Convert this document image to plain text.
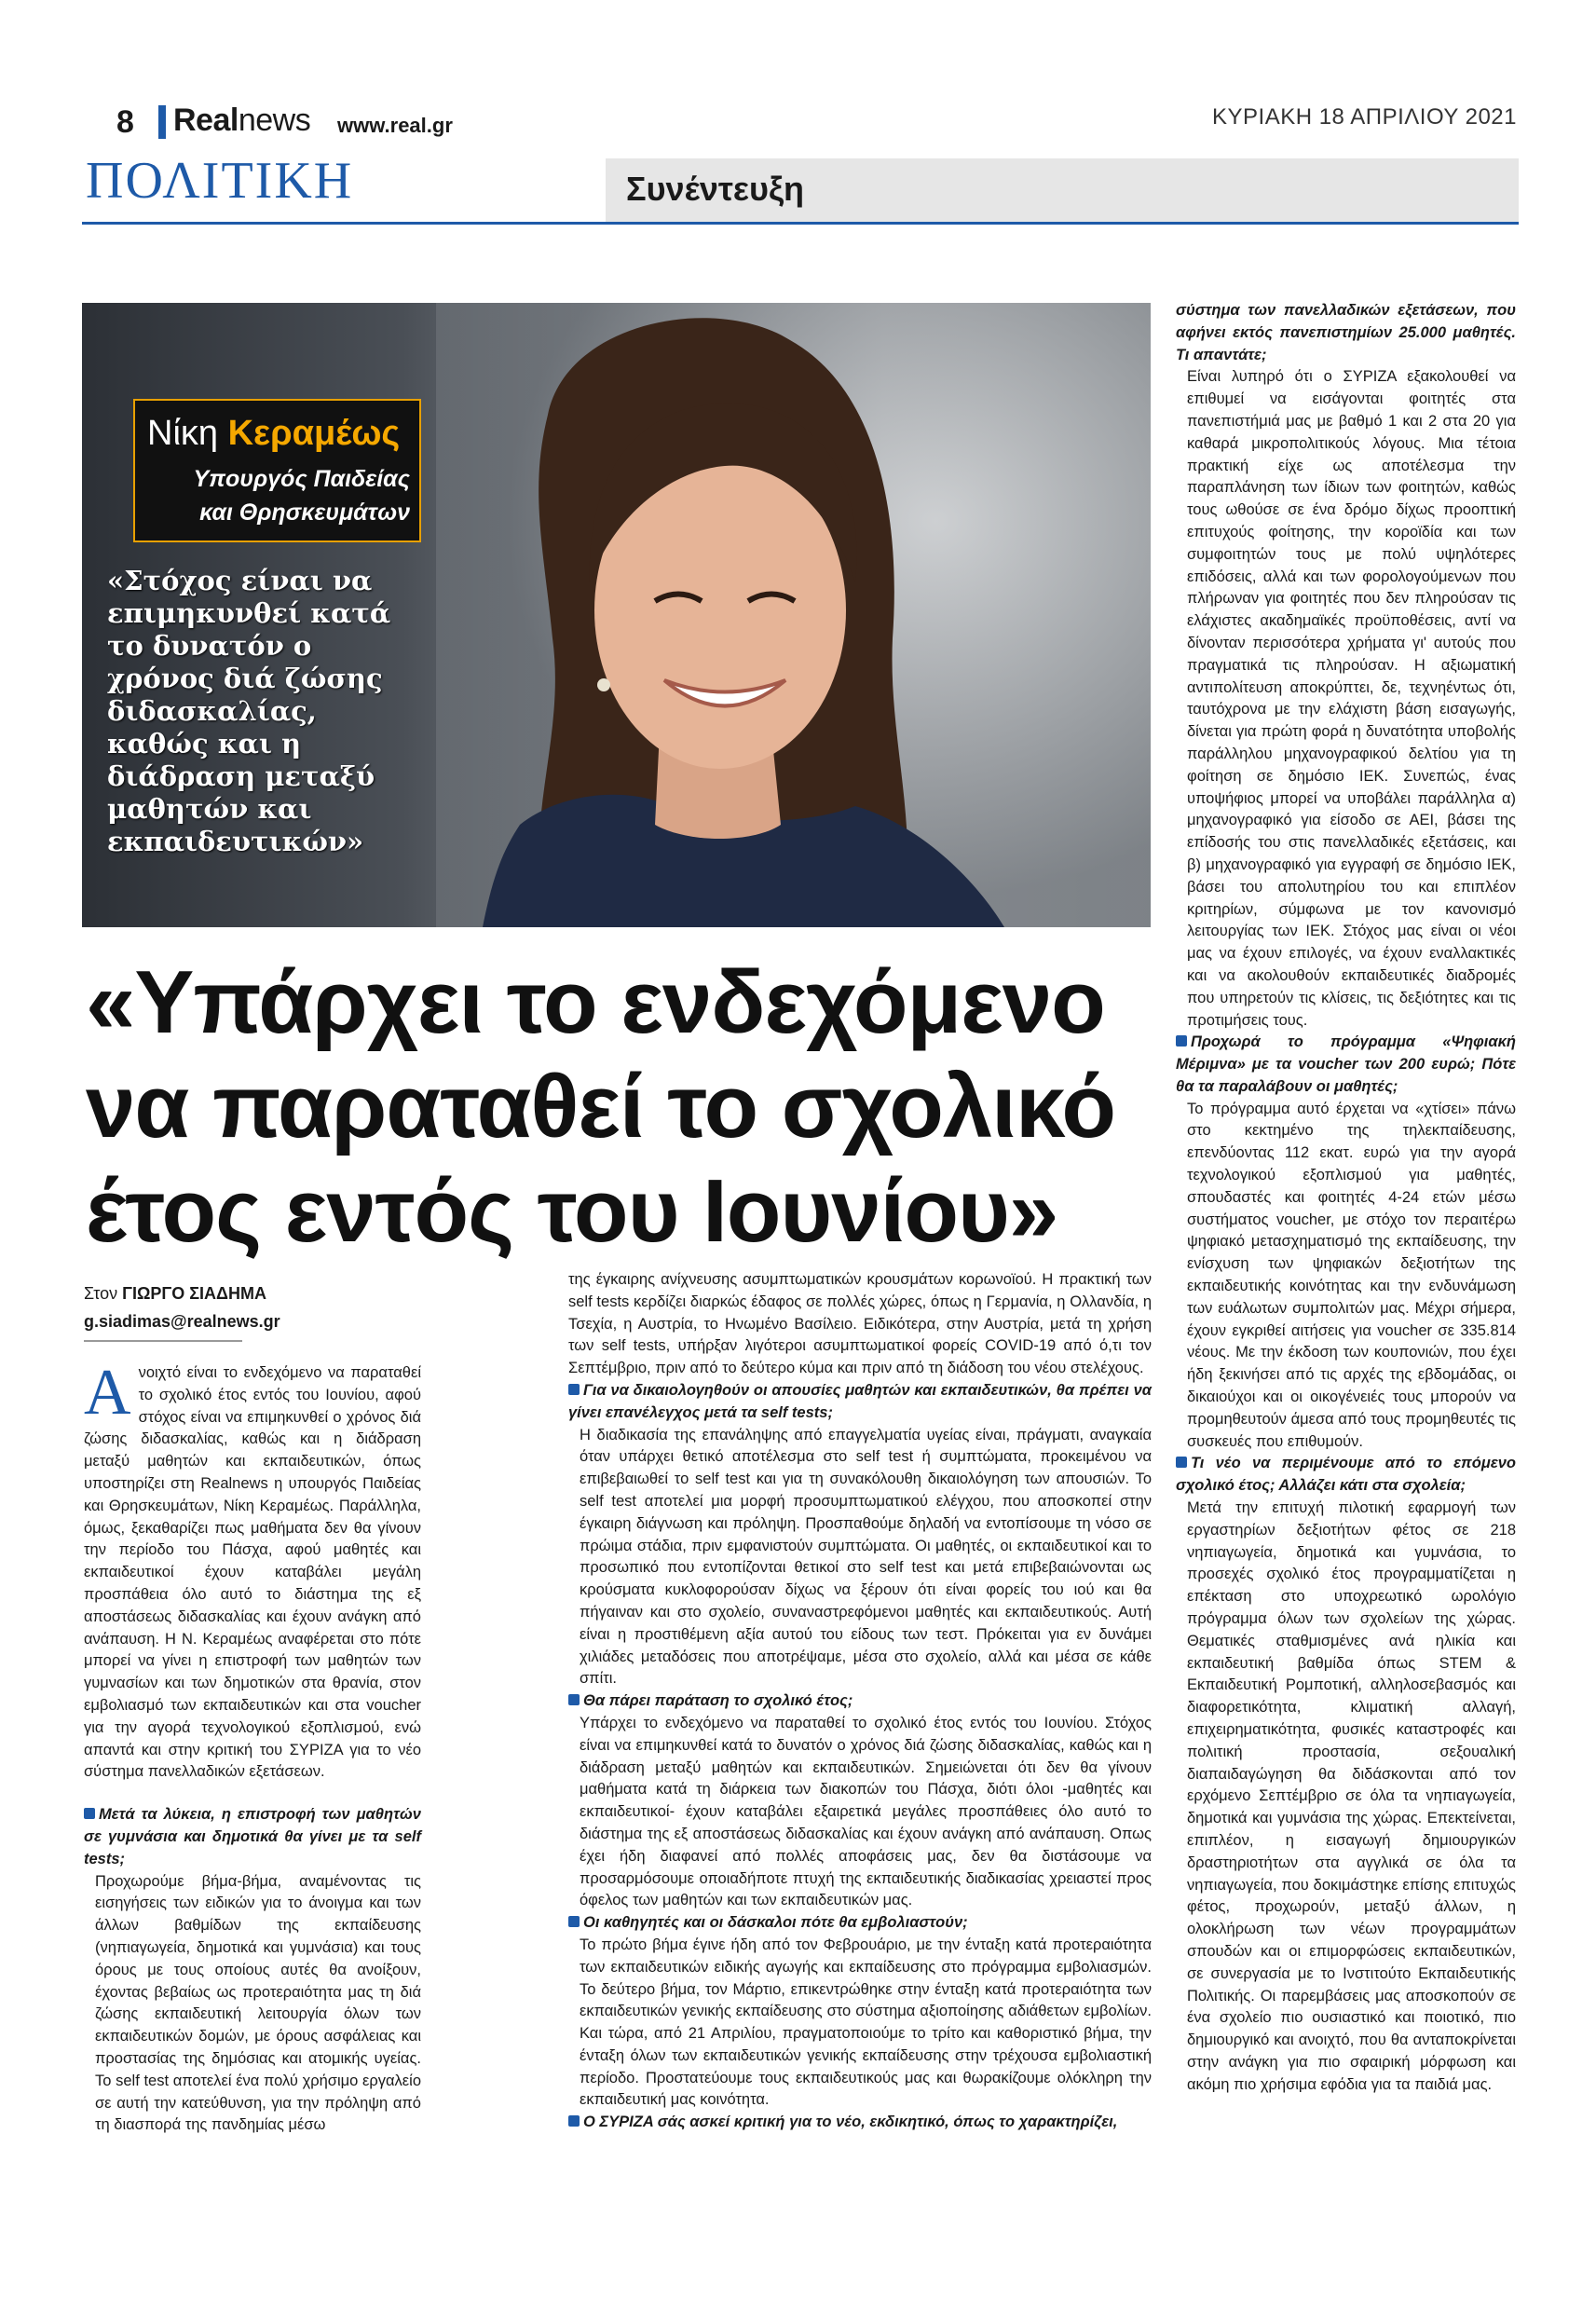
8 Realnews www.real.gr	ΚΥΡΙΑΚΗ 18 ΑΠΡΙΛΙΟΥ 2021
ΠΟΛΙΤΙΚΗ	Συνέντευξη
Νίκη Κεραμέως
Υπουργός Παιδείας
και Θρησκευμάτων
«Στόχος είναι να επιμηκυνθεί κατά το δυνατόν ο χρόνος διά ζώσης διδασκαλίας, καθώς και η διάδραση μεταξύ μαθητών και εκπαιδευτικών»
«Υπάρχει το ενδεχόμενο
να παραταθεί το σχολικό
έτος εντός του Ιουνίου»
Στον ΓΙΩΡΓΟ ΣΙΑΔΗΜΑ
g.siadimas@realnews.gr

Ανοιχτό είναι το ενδεχόμενο να παραταθεί το σχολικό έτος εντός του Ιουνίου, αφού στόχος είναι να επιμηκυνθεί ο χρόνος διά ζώσης διδασκαλίας, καθώς και η διάδραση μεταξύ μαθητών και εκπαιδευτικών, όπως υποστηρίζει στη Realnews η υπουργός Παιδείας και Θρησκευμάτων, Νίκη Κεραμέως. Παράλληλα, όμως, ξεκαθαρίζει πως μαθήματα δεν θα γίνουν την περίοδο του Πάσχα, αφού μαθητές και εκπαιδευτικοί έχουν καταβάλει μεγάλη προσπάθεια όλο αυτό το διάστημα της εξ αποστάσεως διδασκαλίας και έχουν ανάγκη από ανάπαυση. Η Ν. Κεραμέως αναφέρεται στο πότε μπορεί να γίνει η επιστροφή των μαθητών των γυμνασίων και των δημοτικών στα θρανία, στον εμβολιασμό των εκπαιδευτικών και στα voucher για την αγορά τεχνολογικού εξοπλισμού, ενώ απαντά και στην κριτική του ΣΥΡΙΖΑ για το νέο σύστημα πανελλαδικών εξετάσεων.

Μετά τα λύκεια, η επιστροφή των μαθητών σε γυμνάσια και δημοτικά θα γίνει με τα self tests;

Προχωρούμε βήμα-βήμα, αναμένοντας τις εισηγήσεις των ειδικών για το άνοιγμα και των άλλων βαθμίδων της εκπαίδευσης (νηπιαγωγεία, δημοτικά και γυμνάσια) και τους όρους με τους οποίους αυτές θα ανοίξουν, έχοντας βεβαίως ως προτεραιότητα μας τη διά ζώσης εκπαιδευτική λειτουργία όλων των εκπαιδευτικών δομών, με όρους ασφάλειας και προστασίας της δημόσιας και ατομικής υγείας. Το self test αποτελεί ένα πολύ χρήσιμο εργαλείο σε αυτή την κατεύθυνση, για την πρόληψη από τη διασπορά της πανδημίας μέσω

της έγκαιρης ανίχνευσης ασυμπτωματικών κρουσμάτων κορωνοϊού. Η πρακτική των self tests κερδίζει διαρκώς έδαφος σε πολλές χώρες, όπως η Γερμανία, η Ολλανδία, η Τσεχία, η Αυστρία, το Ηνωμένο Βασίλειο. Ειδικότερα, στην Αυστρία, μετά τη χρήση των self tests, υπήρξαν λιγότεροι ασυμπτωματικοί φορείς COVID-19 από ό,τι τον Σεπτέμβριο, πριν από το δεύτερο κύμα και πριν από τη διάδοση του νέου στελέχους.

Για να δικαιολογηθούν οι απουσίες μαθητών και εκπαιδευτικών, θα πρέπει να γίνει επανέλεγχος μετά τα self tests;

Η διαδικασία της επανάληψης από επαγγελματία υγείας είναι, πράγματι, αναγκαία όταν υπάρχει θετικό αποτέλεσμα στο self test ή συμπτώματα, προκειμένου να επιβεβαιωθεί το self test και για τη συνακόλουθη δικαιολόγηση των απουσιών. Το self test αποτελεί μια μορφή προσυμπτωματικού ελέγχου, που αποσκοπεί στην έγκαιρη διάγνωση και πρόληψη. Προσπαθούμε δηλαδή να εντοπίσουμε τη νόσο σε πρώιμα στάδια, πριν εμφανιστούν συμπτώματα. Οι μαθητές, οι εκπαιδευτικοί και το προσωπικό που εντοπίζονται θετικοί στο self test και μετά επιβεβαιώνονται ως κρούσματα κυκλοφορούσαν δίχως να ξέρουν ότι είναι φορείς του ιού και θα πήγαιναν και στο σχολείο, συναναστρεφόμενοι μαθητές και εκπαιδευτικούς. Αυτή είναι η προστιθέμενη αξία αυτού του είδους των τεστ. Πρόκειται για εν δυνάμει χιλιάδες μεταδόσεις που αποτρέψαμε, μέσα στο σχολείο, αλλά και μέσα σε κάθε σπίτι.

Θα πάρει παράταση το σχολικό έτος;

Υπάρχει το ενδεχόμενο να παραταθεί το σχολικό έτος εντός του Ιουνίου. Στόχος είναι να επιμηκυνθεί κατά το δυνατόν ο χρόνος διά ζώσης διδασκαλίας, καθώς και η διάδραση μεταξύ μαθητών και εκπαιδευτικών. Σημειώνεται ότι δεν θα γίνουν μαθήματα κατά τη διάρκεια των διακοπών του Πάσχα, διότι όλοι -μαθητές και εκπαιδευτικοί- έχουν καταβάλει εξαιρετικά μεγάλες προσπάθειες όλο αυτό το διάστημα της εξ αποστάσεως διδασκαλίας και έχουν ανάγκη από ανάπαυση. Οπως έχει ήδη διαφανεί από πολλές αποφάσεις μας, δεν θα διστάσουμε να προσαρμόσουμε οποιαδήποτε πτυχή της εκπαιδευτικής διαδικασίας χρειαστεί προς όφελος των μαθητών και των εκπαιδευτικών μας.

Οι καθηγητές και οι δάσκαλοι πότε θα εμβολιαστούν;

Το πρώτο βήμα έγινε ήδη από τον Φεβρουάριο, με την ένταξη κατά προτεραιότητα των εκπαιδευτικών ειδικής αγωγής και εκπαίδευσης στο πρόγραμμα εμβολιασμών. Το δεύτερο βήμα, τον Μάρτιο, επικεντρώθηκε στην ένταξη κατά προτεραιότητα των εκπαιδευτικών γενικής εκπαίδευσης στο σύστημα αξιοποίησης αδιάθετων εμβολίων. Και τώρα, από 21 Απριλίου, πραγματοποιούμε το τρίτο και καθοριστικό βήμα, την ένταξη όλων των εκπαιδευτικών γενικής εκπαίδευσης στην τρέχουσα εμβολιαστική περίοδο. Προστατεύουμε τους εκπαιδευτικούς μας και θωρακίζουμε ολόκληρη την εκπαιδευτική μας κοινότητα.

Ο ΣΥΡΙΖΑ σάς ασκεί κριτική για το νέο, εκδικητικό, όπως το χαρακτηρίζει,

σύστημα των πανελλαδικών εξετάσεων, που αφήνει εκτός πανεπιστημίων 25.000 μαθητές. Τι απαντάτε;

Είναι λυπηρό ότι ο ΣΥΡΙΖΑ εξακολουθεί να επιθυμεί να εισάγονται φοιτητές στα πανεπιστήμιά μας με βαθμό 1 και 2 στα 20 για καθαρά μικροπολιτικούς λόγους. Μια τέτοια πρακτική είχε ως αποτέλεσμα την παραπλάνηση των ίδιων των φοιτητών, καθώς τους ωθούσε σε ένα δρόμο δίχως προοπτική επιτυχούς φοίτησης, την κοροϊδία και των συμφοιτητών τους με πολύ υψηλότερες επιδόσεις, αλλά και των φορολογούμενων που πλήρωναν για φοιτητές που δεν πληρούσαν τις ελάχιστες ακαδημαϊκές προϋποθέσεις, αντί να δίνονταν περισσότερα χρήματα γι' αυτούς που πραγματικά τις πληρούσαν. Η αξιωματική αντιπολίτευση αποκρύπτει, δε, τεχνηέντως ότι, ταυτόχρονα με την ελάχιστη βάση εισαγωγής, δίνεται για πρώτη φορά η δυνατότητα υποβολής παράλληλου μηχανογραφικού δελτίου για τη φοίτηση σε δημόσιο ΙΕΚ. Συνεπώς, ένας υποψήφιος μπορεί να υποβάλει παράλληλα α) μηχανογραφικό για είσοδο σε ΑΕΙ, βάσει της επίδοσής του στις πανελλαδικές εξετάσεις, και β) μηχανογραφικό για εγγραφή σε δημόσιο ΙΕΚ, βάσει του απολυτηρίου του και επιπλέον κριτηρίων, σύμφωνα με τον κανονισμό λειτουργίας των ΙΕΚ. Στόχος μας είναι οι νέοι μας να έχουν επιλογές, να έχουν εναλλακτικές και να ακολουθούν εκπαιδευτικές διαδρομές που υπηρετούν τις κλίσεις, τις δεξιότητες και τις προτιμήσεις τους.

Προχωρά το πρόγραμμα «Ψηφιακή Μέριμνα» με τα voucher των 200 ευρώ; Πότε θα τα παραλάβουν οι μαθητές;

Το πρόγραμμα αυτό έρχεται να «χτίσει» πάνω στο κεκτημένο της τηλεκπαίδευσης, επενδύοντας 112 εκατ. ευρώ για την αγορά τεχνολογικού εξοπλισμού για μαθητές, σπουδαστές και φοιτητές 4-24 ετών μέσω συστήματος voucher, με στόχο τον περαιτέρω ψηφιακό μετασχηματισμό της εκπαίδευσης, την ενίσχυση των ψηφιακών δεξιοτήτων της εκπαιδευτικής κοινότητας και την ενδυνάμωση των ευάλωτων συμπολιτών μας. Μέχρι σήμερα, έχουν εγκριθεί αιτήσεις για voucher σε 335.814 νέους. Με την έκδοση των κουπονιών, που έχει ήδη ξεκινήσει από τις αρχές της εβδομάδας, οι δικαιούχοι και οι οικογένειές τους μπορούν να προμηθευτούν άμεσα από τους προμηθευτές τις συσκευές που επιθυμούν.

Τι νέο να περιμένουμε από το επόμενο σχολικό έτος; Αλλάζει κάτι στα σχολεία;

Μετά την επιτυχή πιλοτική εφαρμογή των εργαστηρίων δεξιοτήτων φέτος σε 218 νηπιαγωγεία, δημοτικά και γυμνάσια, το προσεχές σχολικό έτος προγραμματίζεται η επέκταση στο υποχρεωτικό ωρολόγιο πρόγραμμα όλων των σχολείων της χώρας. Θεματικές σταθμισμένες ανά ηλικία και εκπαιδευτική βαθμίδα όπως STEM & Εκπαιδευτική Ρομποτική, αλληλοσεβασμός και διαφορετικότητα, κλιματική αλλαγή, επιχειρηματικότητα, φυσικές καταστροφές και πολιτική προστασία, σεξουαλική διαπαιδαγώγηση θα διδάσκονται από τον ερχόμενο Σεπτέμβριο σε όλα τα νηπιαγωγεία, δημοτικά και γυμνάσια της χώρας. Επεκτείνεται, επιπλέον, η εισαγωγή δημιουργικών δραστηριοτήτων στα αγγλικά σε όλα τα νηπιαγωγεία, που δοκιμάστηκε επίσης επιτυχώς φέτος, προχωρούν, μεταξύ άλλων, η ολοκλήρωση των νέων προγραμμάτων σπουδών και οι επιμορφώσεις εκπαιδευτικών, σε συνεργασία με το Ινστιτούτο Εκπαιδευτικής Πολιτικής. Οι παρεμβάσεις μας αποσκοπούν σε ένα σχολείο πιο ουσιαστικό και ποιοτικό, πιο δημιουργικό και ανοιχτό, που θα ανταποκρίνεται στην ανάγκη για πιο σφαιρική μόρφωση και ακόμη πιο χρήσιμα εφόδια για τα παιδιά μας.
